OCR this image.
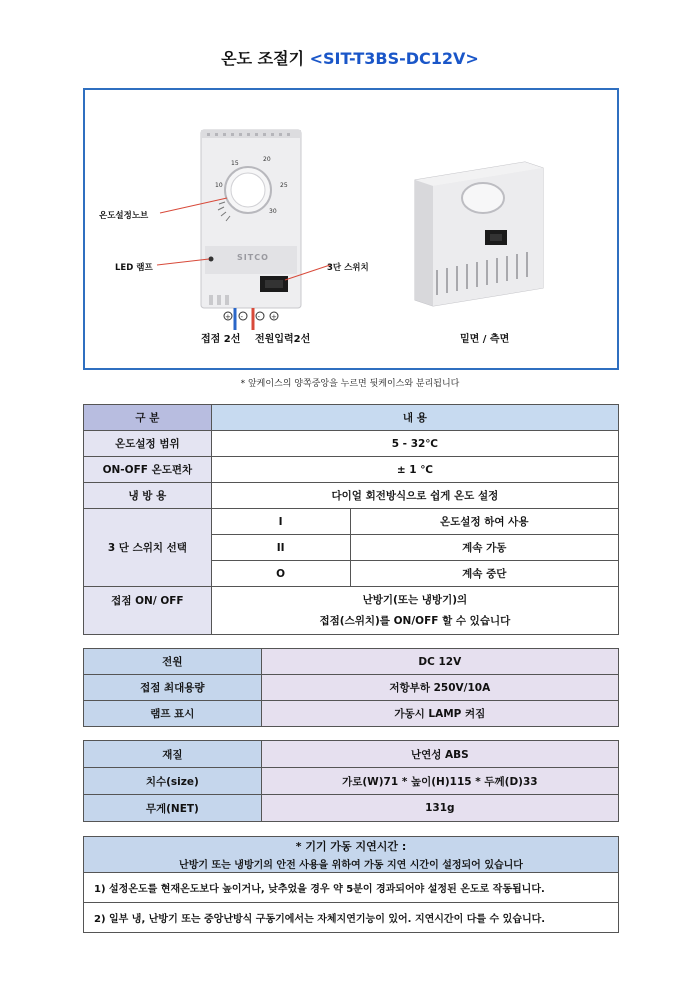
온도 조절기 <SIT-T3BS-DC12V>
+ - - +
15
20
25
10
30
SITCO
온도설정노브
LED 램프	3단 스위치
접점 2선 전원입력2선	밑면 / 측면
* 앞케이스의 양쪽중앙을 누르면 뒷케이스와 분리됩니다
구 분	내 용	
온도설정 범위	5 - 32℃	
ON-OFF 온도편차	± 1 ℃	
냉 방 용	다이얼 회전방식으로 쉽게 온도 설정	
3 단 스위치 선택	I	온도설정 하여 사용
	II	계속 가동
	O	계속 중단
접점 ON/ OFF	난방기(또는 냉방기)의
접점(스위치)를 ON/OFF 할 수 있습니다	
전원	DC 12V
접점 최대용량	저항부하 250V/10A
램프 표시	가동시 LAMP 켜짐
재질	난연성 ABS
치수(size)	가로(W)71 * 높이(H)115 * 두께(D)33
무게(NET)	131g
* 기기 가동 지연시간 :
난방기 또는 냉방기의 안전 사용을 위하여 가동 지연 시간이 설정되어 있습니다
1) 설정온도를 현재온도보다 높이거나, 낮추었을 경우 약 5분이 경과되어야 설정된 온도로 작동됩니다.
2) 일부 냉, 난방기 또는 중앙난방식 구동기에서는 자체지연기능이 있어. 지연시간이 다를 수 있습니다.
